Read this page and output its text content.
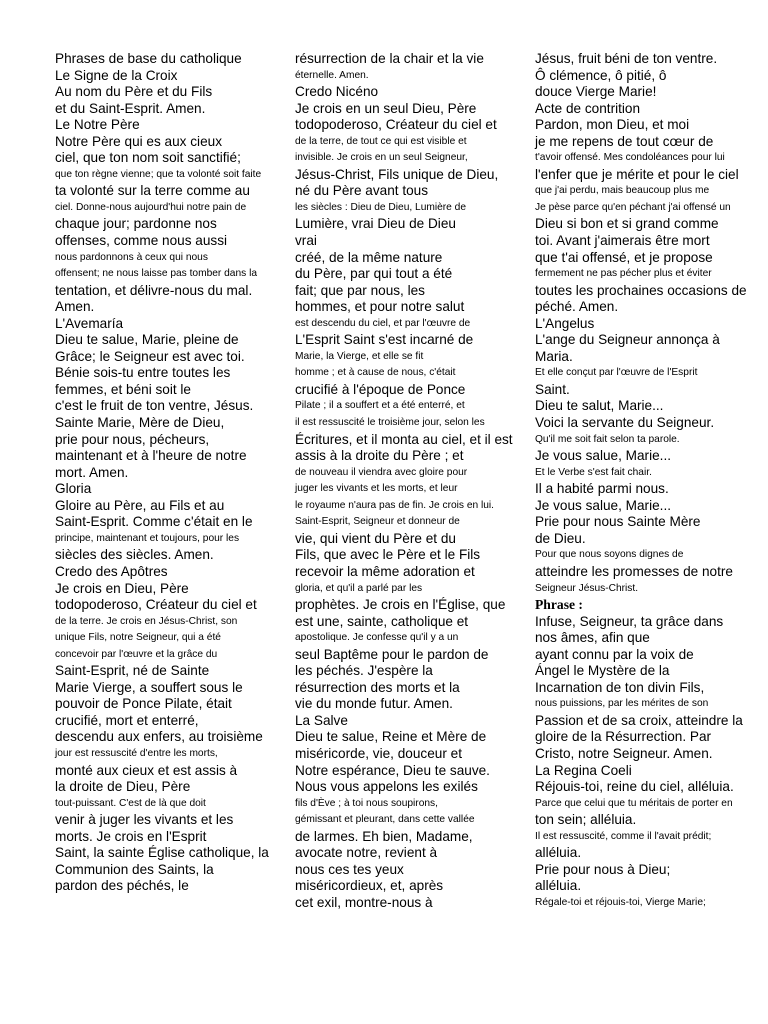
Phrases de base du catholique
Le Signe de la Croix
Au nom du Père et du Fils
et du Saint-Esprit. Amen.
Le Notre Père
Notre Père qui es aux cieux
ciel, que ton nom soit sanctifié;
que ton règne vienne; que ta volonté soit faite
ta volonté sur la terre comme au
ciel. Donne-nous aujourd'hui notre pain de
chaque jour; pardonne nos
offenses, comme nous aussi
nous pardonnons à ceux qui nous
offensent; ne nous laisse pas tomber dans la
tentation, et délivre-nous du mal.
Amen.
L'Avemaría
Dieu te salue, Marie, pleine de
Grâce; le Seigneur est avec toi.
Bénie sois-tu entre toutes les
femmes, et béni soit le
c'est le fruit de ton ventre, Jésus.
Sainte Marie, Mère de Dieu,
prie pour nous, pécheurs,
maintenant et à l'heure de notre
mort. Amen.
Gloria
Gloire au Père, au Fils et au
Saint-Esprit. Comme c'était en le
principe, maintenant et toujours, pour les
siècles des siècles. Amen.
Credo des Apôtres
Je crois en Dieu, Père
todopoderoso, Créateur du ciel et
de la terre. Je crois en Jésus-Christ, son
unique Fils, notre Seigneur, qui a été
concevoir par l'œuvre et la grâce du
Saint-Esprit, né de Sainte
Marie Vierge, a souffert sous le
pouvoir de Ponce Pilate, était
crucifié, mort et enterré,
descendu aux enfers, au troisième
jour est ressuscité d'entre les morts,
monté aux cieux et est assis à
la droite de Dieu, Père
tout-puissant. C'est de là que doit
venir à juger les vivants et les
morts. Je crois en l'Esprit
Saint, la sainte Église catholique, la
Communion des Saints, la
pardon des péchés, le
résurrection de la chair et la vie
éternelle. Amen.
Credo Nicéno
Je crois en un seul Dieu, Père
todopoderoso, Créateur du ciel et
de la terre, de tout ce qui est visible et
invisible. Je crois en un seul Seigneur,
Jésus-Christ, Fils unique de Dieu,
né du Père avant tous
les siècles : Dieu de Dieu, Lumière de
Lumière, vrai Dieu de Dieu
vrai
créé, de la même nature
du Père, par qui tout a été
fait; que par nous, les
hommes, et pour notre salut
est descendu du ciel, et par l'œuvre de
L'Esprit Saint s'est incarné de
Marie, la Vierge, et elle se fit
homme ; et à cause de nous, c'était
crucifié à l'époque de Ponce
Pilate ; il a souffert et a été enterré, et
il est ressuscité le troisième jour, selon les
Écritures, et il monta au ciel, et il est
assis à la droite du Père ; et
de nouveau il viendra avec gloire pour
juger les vivants et les morts, et leur
le royaume n'aura pas de fin. Je crois en lui.
Saint-Esprit, Seigneur et donneur de
vie, qui vient du Père et du
Fils, que avec le Père et le Fils
recevoir la même adoration et
gloria, et qu'il a parlé par les
prophètes. Je crois en l'Église, que
est une, sainte, catholique et
apostolique. Je confesse qu'il y a un
seul Baptême pour le pardon de
les péchés. J'espère la
résurrection des morts et la
vie du monde futur. Amen.
La Salve
Dieu te salue, Reine et Mère de
miséricorde, vie, douceur et
Notre espérance, Dieu te sauve.
Nous vous appelons les exilés
fils d'Ève ; à toi nous soupirons,
gémissant et pleurant, dans cette vallée
de larmes. Eh bien, Madame,
avocate notre, revient à
nous ces tes yeux
miséricordieux, et, après
cet exil, montre-nous à
Jésus, fruit béni de ton ventre.
Ô clémence, ô pitié, ô
douce Vierge Marie!
Acte de contrition
Pardon, mon Dieu, et moi
je me repens de tout cœur de
t'avoir offensé. Mes condoléances pour lui
l'enfer que je mérite et pour le ciel
que j'ai perdu, mais beaucoup plus me
Je pèse parce qu'en péchant j'ai offensé un
Dieu si bon et si grand comme
toi. Avant j'aimerais être mort
que t'ai offensé, et je propose
fermement ne pas pécher plus et éviter
toutes les prochaines occasions de
péché. Amen.
L'Angelus
L'ange du Seigneur annonça à
Maria.
Et elle conçut par l'œuvre de l'Esprit
Saint.
Dieu te salut, Marie...
Voici la servante du Seigneur.
Qu'il me soit fait selon ta parole.
Je vous salue, Marie...
Et le Verbe s'est fait chair.
Il a habité parmi nous.
Je vous salue, Marie...
Prie pour nous Sainte Mère
de Dieu.
Pour que nous soyons dignes de
atteindre les promesses de notre
Seigneur Jésus-Christ.
Phrase :
Infuse, Seigneur, ta grâce dans
nos âmes, afin que
ayant connu par la voix de
Ángel le Mystère de la
Incarnation de ton divin Fils,
nous puissions, par les mérites de son
Passion et de sa croix, atteindre la
gloire de la Résurrection. Par
Cristo, notre Seigneur. Amen.
La Regina Coeli
Réjouis-toi, reine du ciel, alléluia.
Parce que celui que tu méritais de porter en
ton sein; alléluia.
Il est ressuscité, comme il l'avait prédit;
alléluia.
Prie pour nous à Dieu;
alléluia.
Régale-toi et réjouis-toi, Vierge Marie;
